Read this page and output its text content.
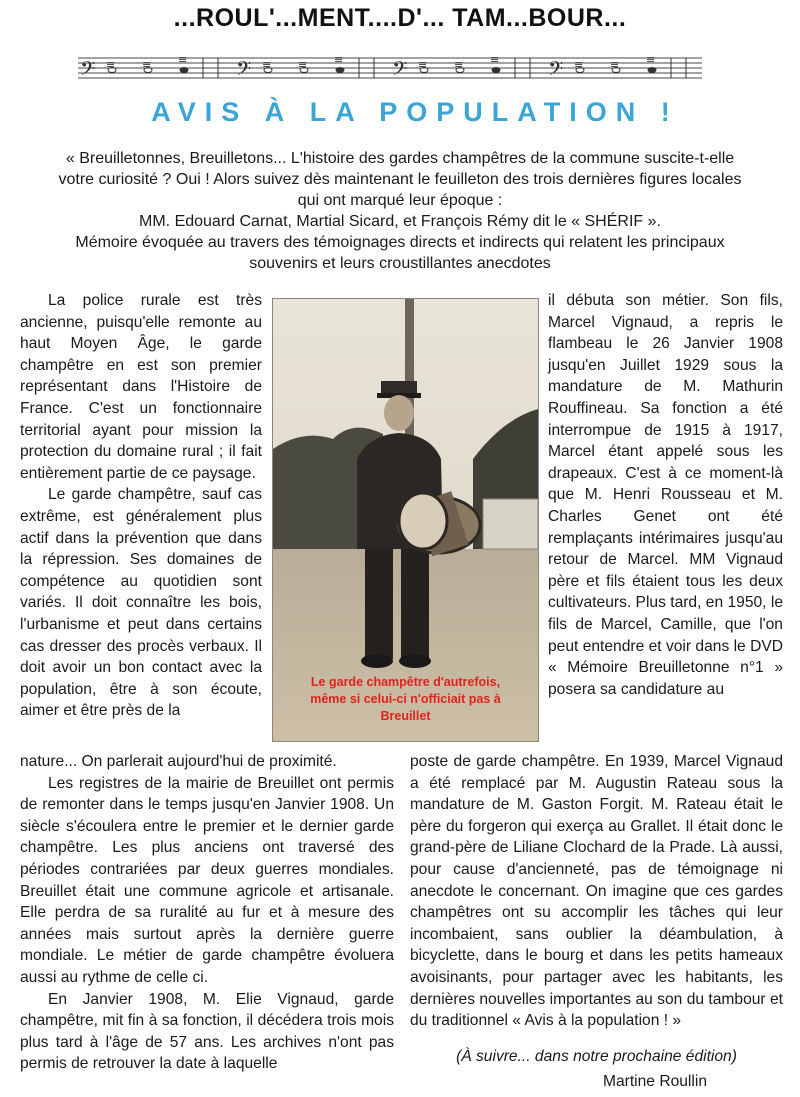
...ROUL'...MENT....D'... TAM...BOUR...
𝄢 ≡ ≡ ≡
AVIS À LA POPULATION !
« Breuilletonnes, Breuilletons... L'histoire des gardes champêtres de la commune suscite-t-elle
votre curiosité ? Oui ! Alors suivez dès maintenant le feuilleton des trois dernières figures locales
qui ont marqué leur époque :
MM. Edouard Carnat, Martial Sicard, et François Rémy dit le « SHÉRIF ».
Mémoire évoquée au travers des témoignages directs et indirects qui relatent les principaux
souvenirs et leurs croustillantes anecdotes

La police rurale est très ancienne, puisqu'elle remonte au haut Moyen Âge, le garde champêtre en est son premier représentant dans l'Histoire de France. C'est un fonctionnaire territorial ayant pour mission la protection du domaine rural ; il fait entièrement partie de ce paysage.

Le garde champêtre, sauf cas extrême, est généralement plus actif dans la prévention que dans la répression. Ses domaines de compétence au quotidien sont variés. Il doit connaître les bois, l'urbanisme et peut dans certains cas dresser des procès verbaux. Il doit avoir un bon contact avec la population, être à son écoute, aimer et être près de la

Le garde champêtre d'autrefois, même si celui-ci n'officiait pas à Breuillet

nature... On parlerait aujourd'hui de proximité.

Les registres de la mairie de Breuillet ont permis de remonter dans le temps jusqu'en Janvier 1908. Un siècle s'écoulera entre le premier et le dernier garde champêtre. Les plus anciens ont traversé des périodes contrariées par deux guerres mondiales. Breuillet était une commune agricole et artisanale. Elle perdra de sa ruralité au fur et à mesure des années mais surtout après la dernière guerre mondiale. Le métier de garde champêtre évoluera aussi au rythme de celle ci.

En Janvier 1908, M. Elie Vignaud, garde champêtre, mit fin à sa fonction, il décédera trois mois plus tard à l'âge de 57 ans. Les archives n'ont pas permis de retrouver la date à laquelle

il débuta son métier. Son fils, Marcel Vignaud, a repris le flambeau le 26 Janvier 1908 jusqu'en Juillet 1929 sous la mandature de M. Mathurin Rouffineau. Sa fonction a été interrompue de 1915 à 1917, Marcel étant appelé sous les drapeaux. C'est à ce moment-là que M. Henri Rousseau et M. Charles Genet ont été remplaçants intérimaires jusqu'au retour de Marcel. MM Vignaud père et fils étaient tous les deux cultivateurs. Plus tard, en 1950, le fils de Marcel, Camille, que l'on peut entendre et voir dans le DVD « Mémoire Breuilletonne n°1 » posera sa candidature au

poste de garde champêtre. En 1939, Marcel Vignaud a été remplacé par M. Augustin Rateau sous la mandature de M. Gaston Forgit. M. Rateau était le père du forgeron qui exerça au Grallet. Il était donc le grand-père de Liliane Clochard de la Prade. Là aussi, pour cause d'ancienneté, pas de témoignage ni anecdote le concernant. On imagine que ces gardes champêtres ont su accomplir les tâches qui leur incombaient, sans oublier la déambulation, à bicyclette, dans le bourg et dans les petits hameaux avoisinants, pour partager avec les habitants, les dernières nouvelles importantes au son du tambour et du traditionnel « Avis à la population ! »

(À suivre... dans notre prochaine édition)
Martine Roullin
